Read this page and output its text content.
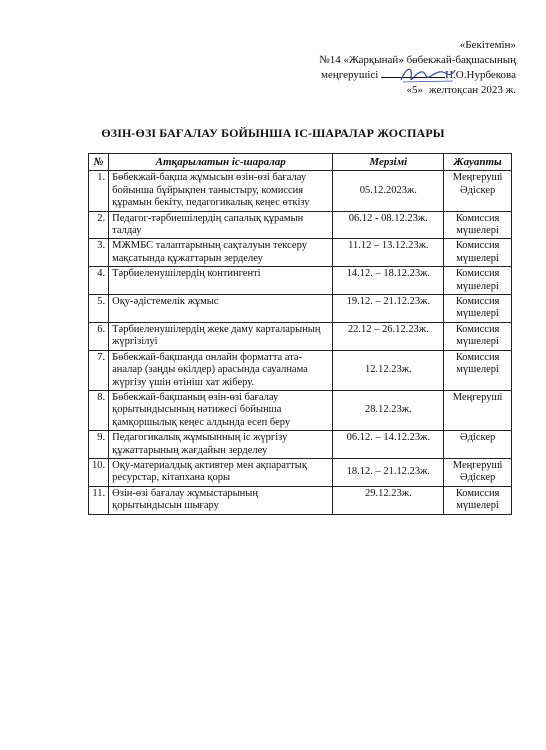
«Бекітемін»
№14 «Жарқынай» бөбекжай-бақшасының
меңгерушісі	Н.О.Нурбекова
«5» желтоқсан 2023 ж.
ӨЗІН-ӨЗІ БАҒАЛАУ БОЙЫНША ІС-ШАРАЛАР ЖОСПАРЫ
№	Атқарылатын іс-шаралар	Мерзімі	Жауапты
1.	Бөбекжай-бақша жұмысын өзін-өзі бағалау бойынша бұйрықпен таныстыру, комиссия құрамын бекіту, педагогикалық кеңес өткізу	05.12.2023ж.	Меңгеруші Әдіскер
2.	Педагог-тәрбиешілердің сапалық құрамын талдау	06.12 - 08.12.23ж.	Комиссия мүшелері
3.	МЖМБС талаптарының сақталуын тексеру мақсатында құжаттарын зерделеу	11.12 – 13.12.23ж.	Комиссия мүшелері
4.	Тәрбиеленушілердің контингенті	14.12. – 18.12.23ж.	Комиссия мүшелері
5.	Оқу-әдістемелік жұмыс	19.12. – 21.12.23ж.	Комиссия мүшелері
6.	Тәрбиеленушілердің жеке даму карталарының жүргізілуі	22.12 – 26.12.23ж.	Комиссия мүшелері
7.	Бөбекжай-бақшанда онлайн форматта ата-аналар (заңды өкілдер) арасында сауалнама жүргізу үшін өтініш хат жіберу.	12.12.23ж.	Комиссия мүшелері
8.	Бөбекжай-бақшаның өзін-өзі бағалау қорытындысының нәтижесі бойынша қамқоршылық кеңес алдында есеп беру	28.12.23ж.	Меңгеруші
9.	Педагогикалық жұмыынның іс жүргізу құжаттарының жағдайын зерделеу	06.12. – 14.12.23ж.	Әдіскер
10.	Оқу-материалдық активтер мен ақпараттық ресурстар, кітапхана қоры	18.12. – 21.12.23ж.	Меңгеруші Әдіскер
11.	Өзін-өзі бағалау жұмыстарының қорытындысын шығару	29.12.23ж.	Комиссия мүшелері
